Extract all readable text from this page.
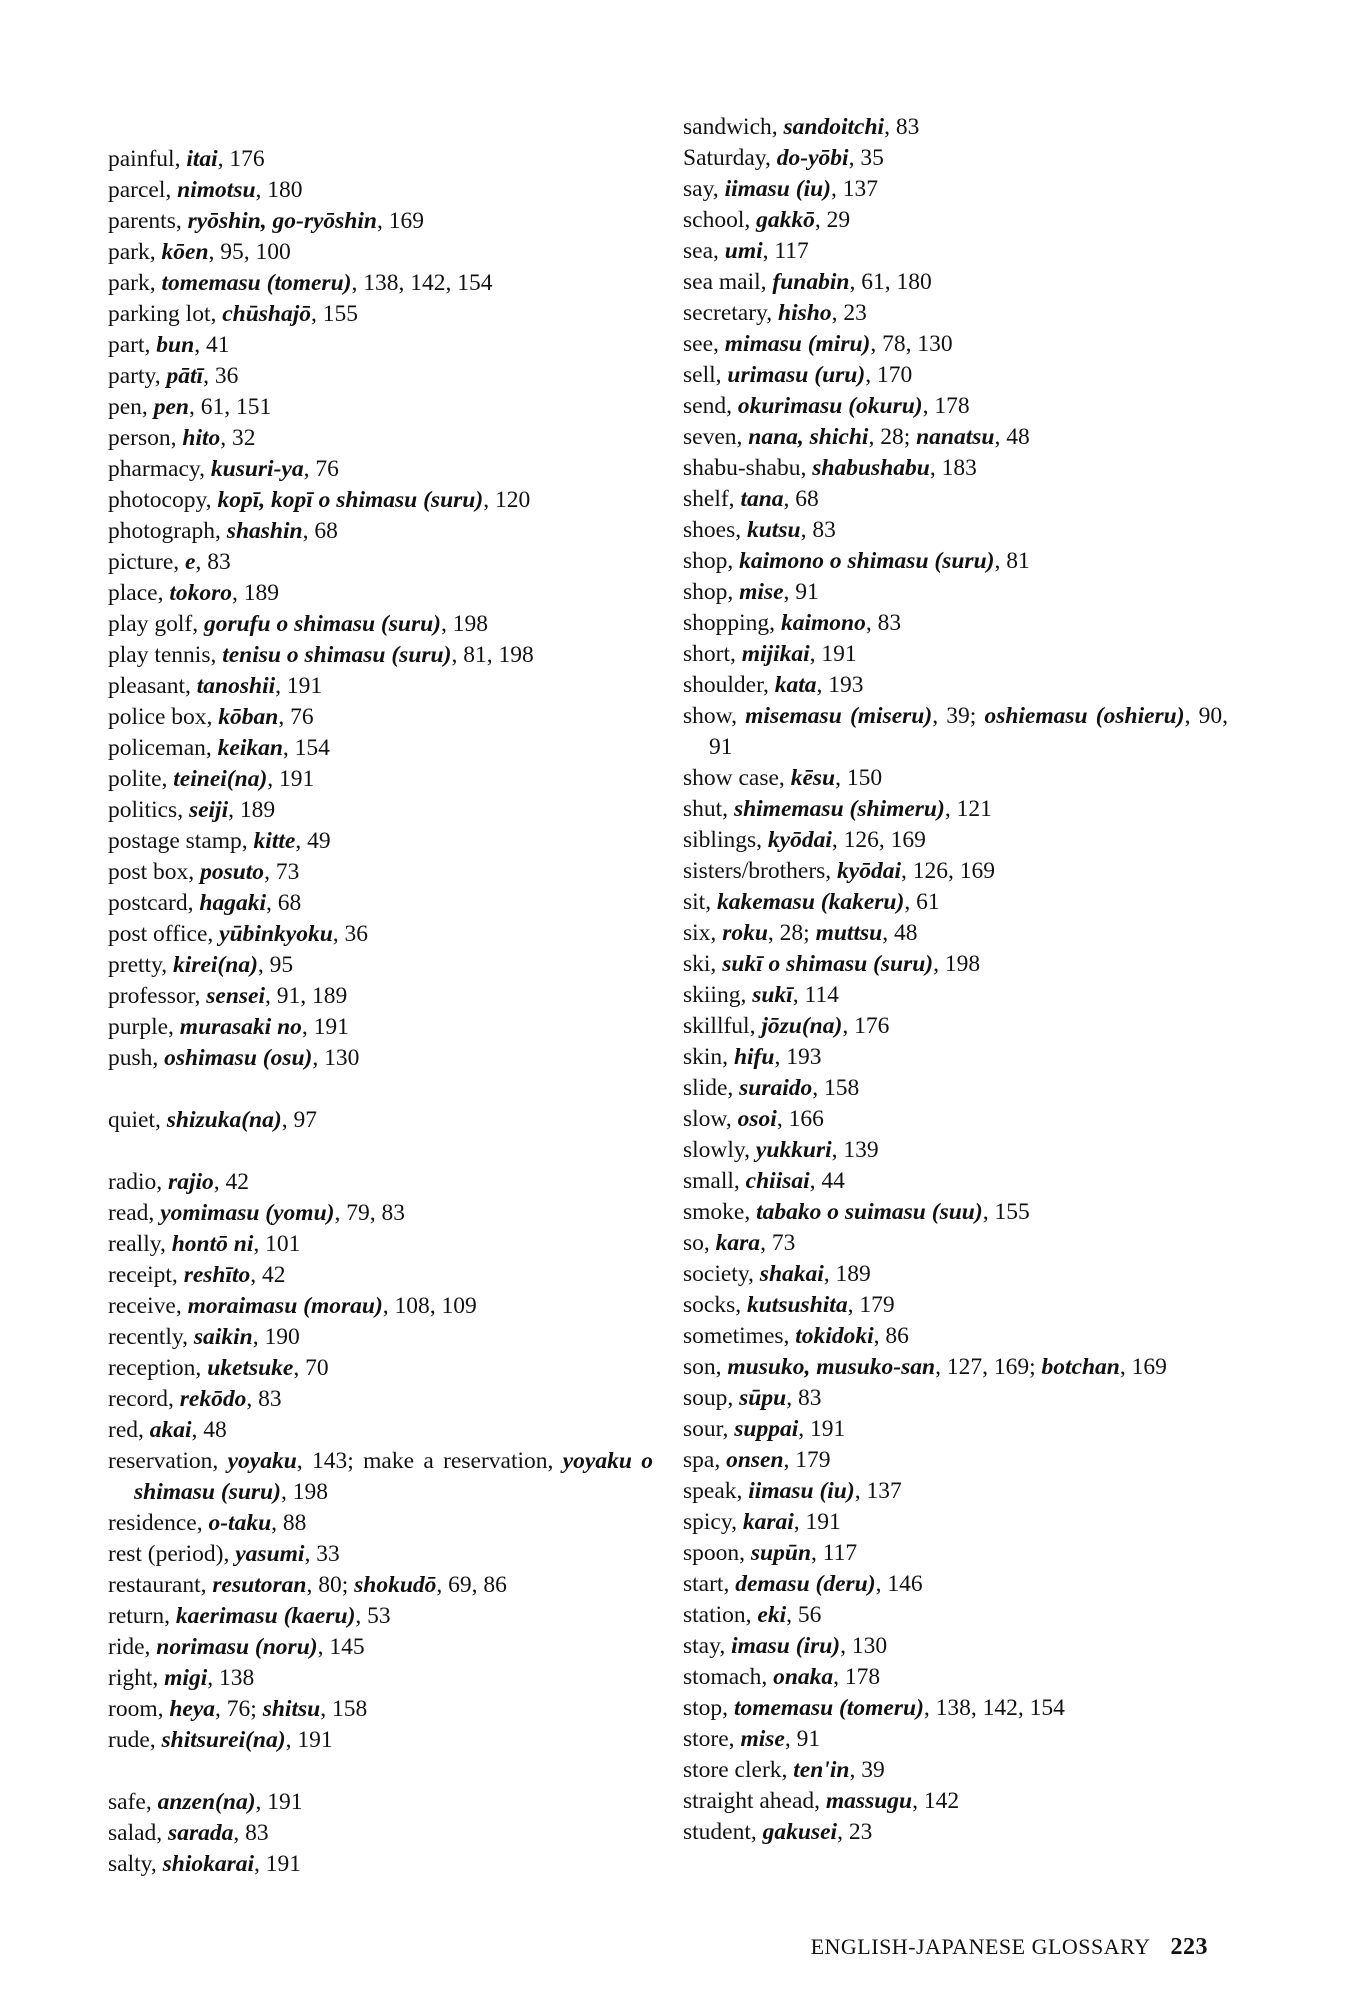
painful, itai, 176
parcel, nimotsu, 180
parents, ryōshin, go-ryōshin, 169
park, kōen, 95, 100
park, tomemasu (tomeru), 138, 142, 154
parking lot, chūshajō, 155
part, bun, 41
party, pātī, 36
pen, pen, 61, 151
person, hito, 32
pharmacy, kusuri-ya, 76
photocopy, kopī, kopī o shimasu (suru), 120
photograph, shashin, 68
picture, e, 83
place, tokoro, 189
play golf, gorufu o shimasu (suru), 198
play tennis, tenisu o shimasu (suru), 81, 198
pleasant, tanoshii, 191
police box, kōban, 76
policeman, keikan, 154
polite, teinei(na), 191
politics, seiji, 189
postage stamp, kitte, 49
post box, posuto, 73
postcard, hagaki, 68
post office, yūbinkyoku, 36
pretty, kirei(na), 95
professor, sensei, 91, 189
purple, murasaki no, 191
push, oshimasu (osu), 130
quiet, shizuka(na), 97
radio, rajio, 42
read, yomimasu (yomu), 79, 83
really, hontō ni, 101
receipt, reshīto, 42
receive, moraimasu (morau), 108, 109
recently, saikin, 190
reception, uketsuke, 70
record, rekōdo, 83
red, akai, 48
reservation, yoyaku, 143; make a reservation, yoyaku o shimasu (suru), 198
residence, o-taku, 88
rest (period), yasumi, 33
restaurant, resutoran, 80; shokudō, 69, 86
return, kaerimasu (kaeru), 53
ride, norimasu (noru), 145
right, migi, 138
room, heya, 76; shitsu, 158
rude, shitsurei(na), 191
safe, anzen(na), 191
salad, sarada, 83
salty, shiokarai, 191
sandwich, sandoitchi, 83
Saturday, do-yōbi, 35
say, iimasu (iu), 137
school, gakkō, 29
sea, umi, 117
sea mail, funabin, 61, 180
secretary, hisho, 23
see, mimasu (miru), 78, 130
sell, urimasu (uru), 170
send, okurimasu (okuru), 178
seven, nana, shichi, 28; nanatsu, 48
shabu-shabu, shabushabu, 183
shelf, tana, 68
shoes, kutsu, 83
shop, kaimono o shimasu (suru), 81
shop, mise, 91
shopping, kaimono, 83
short, mijikai, 191
shoulder, kata, 193
show, misemasu (miseru), 39; oshiemasu (oshieru), 90, 91
show case, kēsu, 150
shut, shimemasu (shimeru), 121
siblings, kyōdai, 126, 169
sisters/brothers, kyōdai, 126, 169
sit, kakemasu (kakeru), 61
six, roku, 28; muttsu, 48
ski, sukī o shimasu (suru), 198
skiing, sukī, 114
skillful, jōzu(na), 176
skin, hifu, 193
slide, suraido, 158
slow, osoi, 166
slowly, yukkuri, 139
small, chiisai, 44
smoke, tabako o suimasu (suu), 155
so, kara, 73
society, shakai, 189
socks, kutsushita, 179
sometimes, tokidoki, 86
son, musuko, musuko-san, 127, 169; botchan, 169
soup, sūpu, 83
sour, suppai, 191
spa, onsen, 179
speak, iimasu (iu), 137
spicy, karai, 191
spoon, supūn, 117
start, demasu (deru), 146
station, eki, 56
stay, imasu (iru), 130
stomach, onaka, 178
stop, tomemasu (tomeru), 138, 142, 154
store, mise, 91
store clerk, ten'in, 39
straight ahead, massugu, 142
student, gakusei, 23
ENGLISH-JAPANESE GLOSSARY 223
